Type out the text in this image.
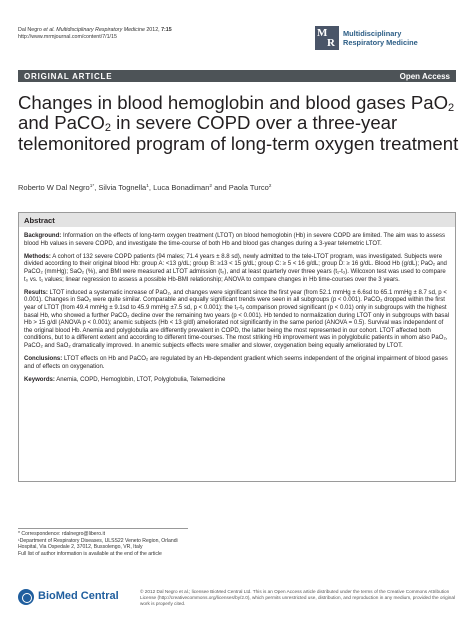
Dal Negro et al. Multidisciplinary Respiratory Medicine 2012, 7:15
http://www.mrmjournal.com/content/7/1/15	M
R
Multidisciplinary
Respiratory Medicine
ORIGINAL ARTICLE	Open Access
Changes in blood hemoglobin and blood gases PaO$_2$ and PaCO$_2$ in severe COPD over a three-year telemonitored program of long-term oxygen treatment
Roberto W Dal Negro$^{1*}$, Silvia Tognella$^1$, Luca Bonadiman$^2$ and Paola Turco$^2$
Abstract

Background: Information on the effects of long-term oxygen treatment (LTOT) on blood hemoglobin (Hb) in severe COPD are limited. The aim was to assess blood Hb values in severe COPD, and investigate the time-course of both Hb and blood gas changes during a 3-year telemetric LTOT.

Methods: A cohort of 132 severe COPD patients (94 males; 71.4 years ± 8.8 sd), newly admitted to the tele-LTOT program, was investigated. Subjects were divided according to their original blood Hb: group A: <13 g/dL; group B: ≥13 < 15 g/dL; group C: ≥ 5 < 16 g/dL; group D: ≥ 16 g/dL. Blood Hb (g/dL); PaO₂ and PaCO₂ (mmHg); SaO₂ (%), and BMI were measured at LTOT admission (t₀), and at least quarterly over three years (t₁-t₃). Wilcoxon test was used to compare t₀ vs. t₁ values; linear regression to assess a possible Hb-BMI relationship; ANOVA to compare changes in Hb time-courses over the 3 years.

Results: LTOT induced a systematic increase of PaO₂, and changes were significant since the first year (from 52.1 mmHg ± 6.6sd to 65.1 mmHg ± 8.7 sd, p < 0.001). Changes in SaO₂ were quite similar. Comparable and equally significant trends were seen in all subgroups (p < 0.001). PaCO₂ dropped within the first year of LTOT (from 49.4 mmHg ± 9.1sd to 45.9 mmHg ±7.5 sd, p < 0.001): the t₁-t₃ comparison proved significant (p < 0.01) only in subgroups with the highest basal Hb, who showed a further PaCO₂ decline over the remaining two years (p < 0.001). Hb tended to normalization during LTOT only in subgroups with basal Hb > 15 g/dl (ANOVA p < 0.001); anemic subjects (Hb < 13 g/dl) ameliorated not significantly in the same period (ANOVA = 0.5). Survival was independent of the original blood Hb. Anemia and polyglobulia are differently prevalent in COPD, the latter being the most represented in our cohort. LTOT affected both conditions, but to a different extent and according to different time-courses. The most striking Hb improvement was in polyglobulic patients in whom also PaO₂, PaCO₂ and SaO₂ dramatically improved. In anemic subjects effects were smaller and slower, oxygenation being equally ameliorated by LTOT.

Conclusions: LTOT effects on Hb and PaCO₂ are regulated by an Hb-dependent gradient which seems independent of the original impairment of blood gases and of effects on oxygenation.

Keywords: Anemia, COPD, Hemoglobin, LTOT, Polyglobulia, Telemedicine

* Correspondence: rdalnegro@libero.it
¹Department of Respiratory Diseases, ULSS22 Veneto Region, Orlandi
Hospital, Via Ospedale 2, 37012, Bussolengo, VR, Italy
Full list of author information is available at the end of the article
BioMed Central	© 2012 Dal Negro et al.; licensee BioMed Central Ltd. This is an Open Access article distributed under the terms of the Creative Commons Attribution License (http://creativecommons.org/licenses/by/2.0), which permits unrestricted use, distribution, and reproduction in any medium, provided the original work is properly cited.
